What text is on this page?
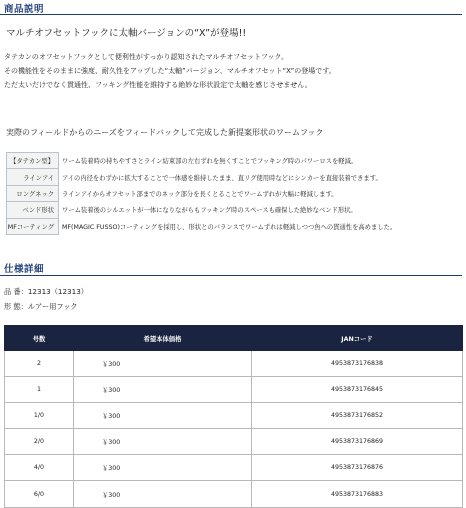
商品説明
マルチオフセットフックに太軸バージョンの“X”が登場!!
タテカンのオフセットフックとして便利性がすっかり認知されたマルチオフセットフック。
その機能性をそのままに強度、耐久性をアップした“太軸”バージョン、マルチオフセット“X”の登場です。
ただ太いだけでなく貫通性、フッキング性能を維持する絶妙な形状設定で太軸を感じさせません。
実際のフィールドからのニーズをフィードバックして完成した新提案形状のワームフック
【タテカン型】	ワーム装着時の持ちやすさとライン結束部の左右ずれを無くすことでフッキング時のパワーロスを軽減。
ラインアイ	アイの内径をわずかに拡大することで一体感を維持したまま、直リグ使用時などにシンカーを直接装着できます。
ロングネック	ラインアイからオフセット部までのネック部分を長くとることでワームずれが大幅に軽減します。
ベンド形状	ワーム装着後のシルエットが一体になりながらもフッキング時のスペースも確保した絶妙なベンド形状。
MFコーティング	MF(MAGIC FUSSO)コーティングを採用し、形状とのバランスでワームずれは軽減しつつ魚への貫通性を高めました。
仕様詳細
品 番：12313（12313）
形 態：ルアー用フック
号数	希望本体価格	JANコード
2	￥300	4953873176838
1	￥300	4953873176845
1/0	￥300	4953873176852
2/0	￥300	4953873176869
4/0	￥300	4953873176876
6/0	￥300	4953873176883
